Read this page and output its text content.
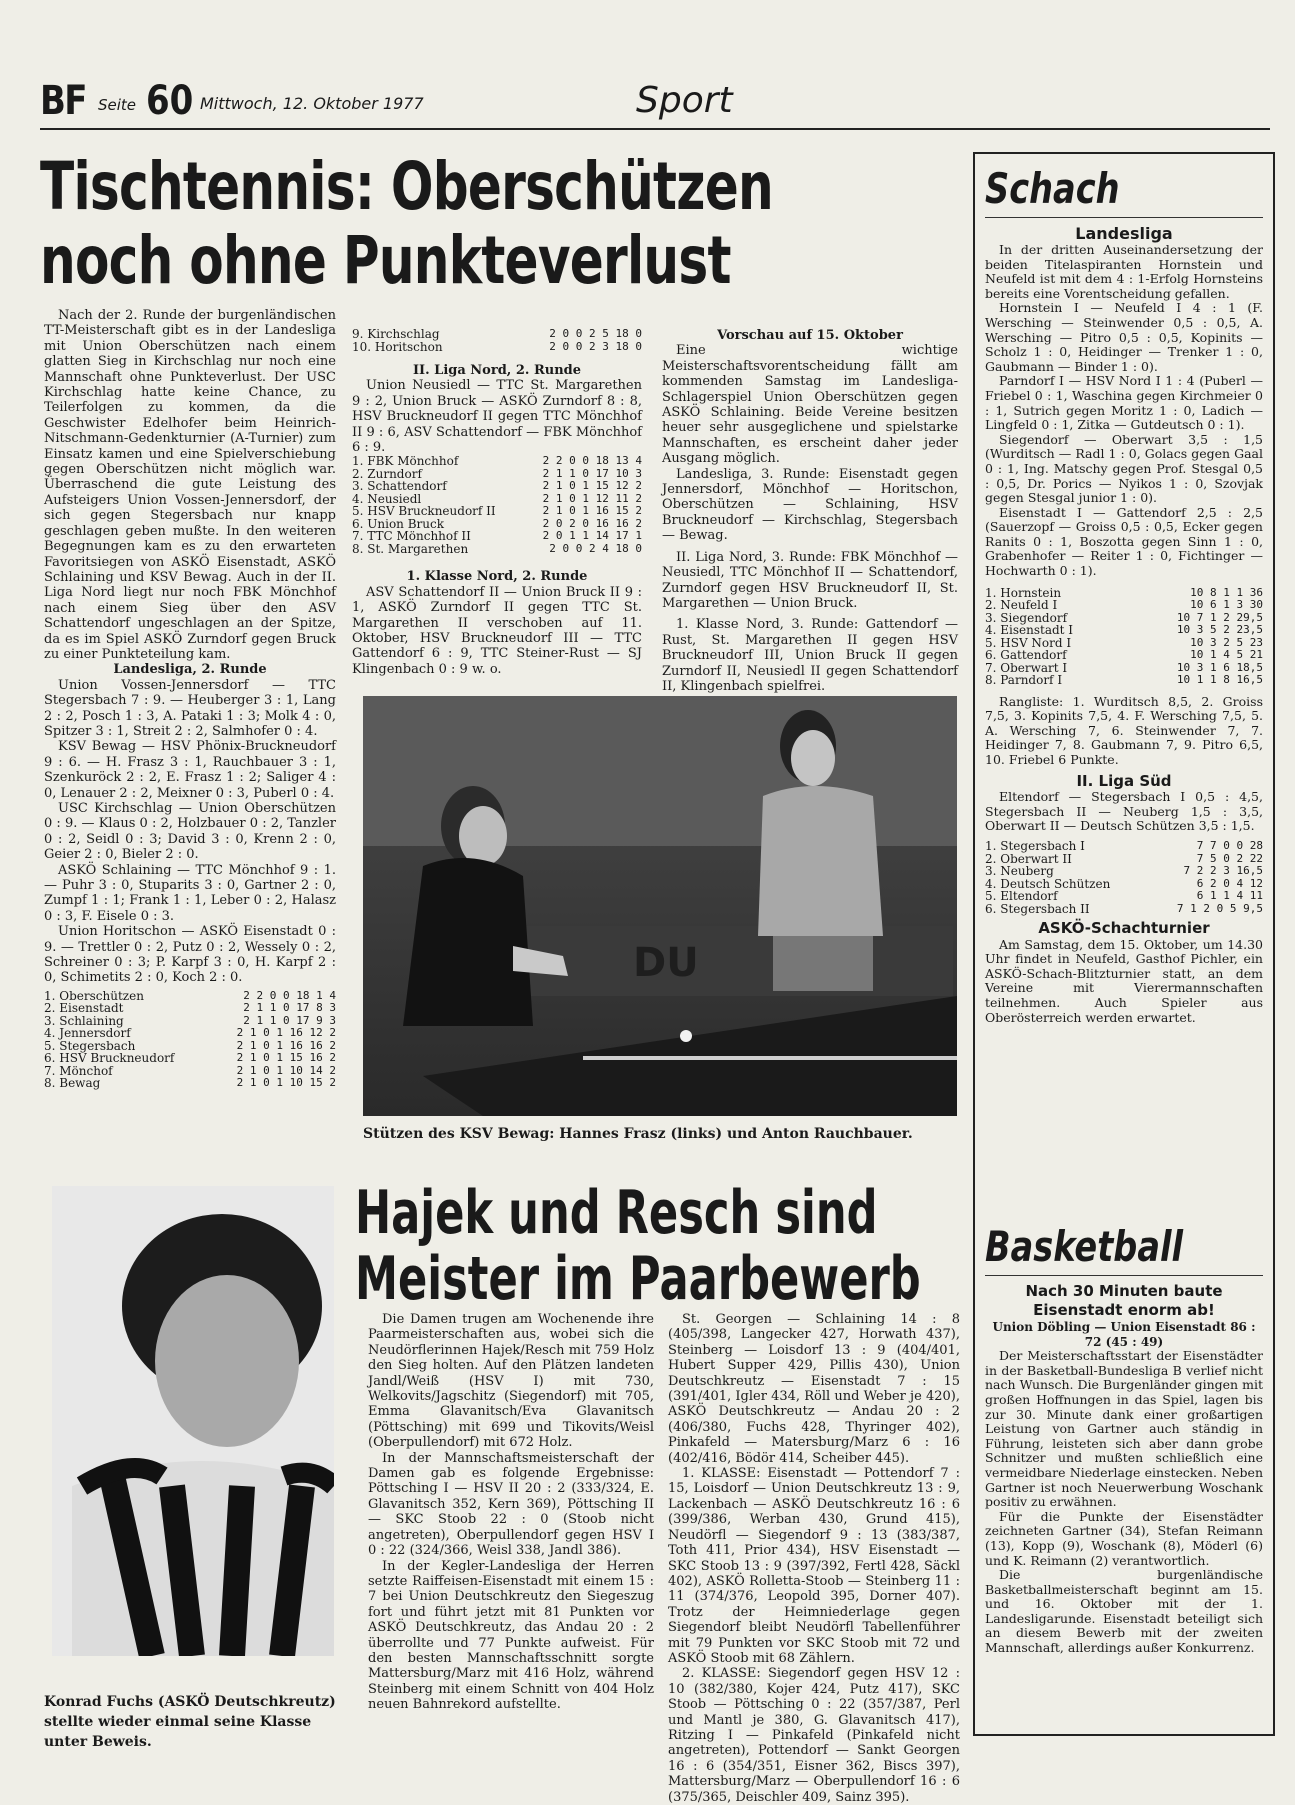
BF Seite 60 Mittwoch, 12. Oktober 1977	Sport
Tischtennis: Oberschützen
noch ohne Punkteverlust

Nach der 2. Runde der burgenländischen TT-Meisterschaft gibt es in der Landesliga mit Union Oberschützen nach einem glatten Sieg in Kirchschlag nur noch eine Mannschaft ohne Punkteverlust. Der USC Kirchschlag hatte keine Chance, zu Teilerfolgen zu kommen, da die Geschwister Edelhofer beim Heinrich-Nitschmann-Gedenkturnier (A-Turnier) zum Einsatz kamen und eine Spielverschiebung gegen Oberschützen nicht möglich war. Überraschend die gute Leistung des Aufsteigers Union Vossen-Jennersdorf, der sich gegen Stegersbach nur knapp geschlagen geben mußte. In den weiteren Begegnungen kam es zu den erwarteten Favoritsiegen von ASKÖ Eisenstadt, ASKÖ Schlaining und KSV Bewag. Auch in der II. Liga Nord liegt nur noch FBK Mönchhof nach einem Sieg über den ASV Schattendorf ungeschlagen an der Spitze, da es im Spiel ASKÖ Zurndorf gegen Bruck zu einer Punkteteilung kam.

Landesliga, 2. Runde

Union Vossen-Jennersdorf — TTC Stegersbach 7 : 9. — Heuberger 3 : 1, Lang 2 : 2, Posch 1 : 3, A. Pataki 1 : 3; Molk 4 : 0, Spitzer 3 : 1, Streit 2 : 2, Salmhofer 0 : 4.

KSV Bewag — HSV Phönix-Bruckneudorf 9 : 6. — H. Frasz 3 : 1, Rauchbauer 3 : 1, Szenkuröck 2 : 2, E. Frasz 1 : 2; Saliger 4 : 0, Lenauer 2 : 2, Meixner 0 : 3, Puberl 0 : 4.

USC Kirchschlag — Union Oberschützen 0 : 9. — Klaus 0 : 2, Holzbauer 0 : 2, Tanzler 0 : 2, Seidl 0 : 3; David 3 : 0, Krenn 2 : 0, Geier 2 : 0, Bieler 2 : 0.

ASKÖ Schlaining — TTC Mönchhof 9 : 1. — Puhr 3 : 0, Stuparits 3 : 0, Gartner 2 : 0, Zumpf 1 : 1; Frank 1 : 1, Leber 0 : 2, Halasz 0 : 3, F. Eisele 0 : 3.

Union Horitschon — ASKÖ Eisenstadt 0 : 9. — Trettler 0 : 2, Putz 0 : 2, Wessely 0 : 2, Schreiner 0 : 3; P. Karpf 3 : 0, H. Karpf 2 : 0, Schimetits 2 : 0, Koch 2 : 0.

1. Oberschützen	2 2 0 0 18 1 4
2. Eisenstadt	2 1 1 0 17 8 3
3. Schlaining	2 1 1 0 17 9 3
4. Jennersdorf	2 1 0 1 16 12 2
5. Stegersbach	2 1 0 1 16 16 2
6. HSV Bruckneudorf	2 1 0 1 15 16 2
7. Mönchof	2 1 0 1 10 14 2
8. Bewag	2 1 0 1 10 15 2
9. Kirchschlag	2 0 0 2 5 18 0
10. Horitschon	2 0 0 2 3 18 0

II. Liga Nord, 2. Runde

Union Neusiedl — TTC St. Margarethen 9 : 2, Union Bruck — ASKÖ Zurndorf 8 : 8, HSV Bruckneudorf II gegen TTC Mönchhof II 9 : 6, ASV Schattendorf — FBK Mönchhof 6 : 9.

1. FBK Mönchhof	2 2 0 0 18 13 4
2. Zurndorf	2 1 1 0 17 10 3
3. Schattendorf	2 1 0 1 15 12 2
4. Neusiedl	2 1 0 1 12 11 2
5. HSV Bruckneudorf II	2 1 0 1 16 15 2
6. Union Bruck	2 0 2 0 16 16 2
7. TTC Mönchhof II	2 0 1 1 14 17 1
8. St. Margarethen	2 0 0 2 4 18 0

1. Klasse Nord, 2. Runde

ASV Schattendorf II — Union Bruck II 9 : 1, ASKÖ Zurndorf II gegen TTC St. Margarethen II verschoben auf 11. Oktober, HSV Bruckneudorf III — TTC Gattendorf 6 : 9, TTC Steiner-Rust — SJ Klingenbach 0 : 9 w. o.

Vorschau auf 15. Oktober

Eine wichtige Meisterschaftsvorentscheidung fällt am kommenden Samstag im Landesliga-Schlagerspiel Union Oberschützen gegen ASKÖ Schlaining. Beide Vereine besitzen heuer sehr ausgeglichene und spielstarke Mannschaften, es erscheint daher jeder Ausgang möglich.

Landesliga, 3. Runde: Eisenstadt gegen Jennersdorf, Mönchhof — Horitschon, Oberschützen — Schlaining, HSV Bruckneudorf — Kirchschlag, Stegersbach — Bewag.

II. Liga Nord, 3. Runde: FBK Mönchhof — Neusiedl, TTC Mönchhof II — Schattendorf, Zurndorf gegen HSV Bruckneudorf II, St. Margarethen — Union Bruck.

1. Klasse Nord, 3. Runde: Gattendorf — Rust, St. Margarethen II gegen HSV Bruckneudorf III, Union Bruck II gegen Zurndorf II, Neusiedl II gegen Schattendorf II, Klingenbach spielfrei.

DU
Stützen des KSV Bewag: Hannes Frasz (links) und Anton Rauchbauer.
Konrad Fuchs (ASKÖ Deutschkreutz) stellte wieder einmal seine Klasse unter Beweis.
Hajek und Resch sind
Meister im Paarbewerb

Die Damen trugen am Wochenende ihre Paarmeisterschaften aus, wobei sich die Neudörflerinnen Hajek/Resch mit 759 Holz den Sieg holten. Auf den Plätzen landeten Jandl/Weiß (HSV I) mit 730, Welkovits/Jagschitz (Siegendorf) mit 705, Emma Glavanitsch/Eva Glavanitsch (Pöttsching) mit 699 und Tikovits/Weisl (Oberpullendorf) mit 672 Holz.

In der Mannschaftsmeisterschaft der Damen gab es folgende Ergebnisse: Pöttsching I — HSV II 20 : 2 (333/324, E. Glavanitsch 352, Kern 369), Pöttsching II — SKC Stoob 22 : 0 (Stoob nicht angetreten), Oberpullendorf gegen HSV I 0 : 22 (324/366, Weisl 338, Jandl 386).

In der Kegler-Landesliga der Herren setzte Raiffeisen-Eisenstadt mit einem 15 : 7 bei Union Deutschkreutz den Siegeszug fort und führt jetzt mit 81 Punkten vor ASKÖ Deutschkreutz, das Andau 20 : 2 überrollte und 77 Punkte aufweist. Für den besten Mannschaftsschnitt sorgte Mattersburg/Marz mit 416 Holz, während Steinberg mit einem Schnitt von 404 Holz neuen Bahnrekord aufstellte.

St. Georgen — Schlaining 14 : 8 (405/398, Langecker 427, Horwath 437), Steinberg — Loisdorf 13 : 9 (404/401, Hubert Supper 429, Pillis 430), Union Deutschkreutz — Eisenstadt 7 : 15 (391/401, Igler 434, Röll und Weber je 420), ASKÖ Deutschkreutz — Andau 20 : 2 (406/380, Fuchs 428, Thyringer 402), Pinkafeld — Matersburg/Marz 6 : 16 (402/416, Bödör 414, Scheiber 445).

1. KLASSE: Eisenstadt — Pottendorf 7 : 15, Loisdorf — Union Deutschkreutz 13 : 9, Lackenbach — ASKÖ Deutschkreutz 16 : 6 (399/386, Werban 430, Grund 415), Neudörfl — Siegendorf 9 : 13 (383/387, Toth 411, Prior 434), HSV Eisenstadt — SKC Stoob 13 : 9 (397/392, Fertl 428, Säckl 402), ASKÖ Rolletta-Stoob — Steinberg 11 : 11 (374/376, Leopold 395, Dorner 407). Trotz der Heimniederlage gegen Siegendorf bleibt Neudörfl Tabellenführer mit 79 Punkten vor SKC Stoob mit 72 und ASKÖ Stoob mit 68 Zählern.

2. KLASSE: Siegendorf gegen HSV 12 : 10 (382/380, Kojer 424, Putz 417), SKC Stoob — Pöttsching 0 : 22 (357/387, Perl und Mantl je 380, G. Glavanitsch 417), Ritzing I — Pinkafeld (Pinkafeld nicht angetreten), Pottendorf — Sankt Georgen 16 : 6 (354/351, Eisner 362, Biscs 397), Mattersburg/Marz — Oberpullendorf 16 : 6 (375/365, Deischler 409, Sainz 395).

Schach
Landesliga

In der dritten Auseinandersetzung der beiden Titelaspiranten Hornstein und Neufeld ist mit dem 4 : 1-Erfolg Hornsteins bereits eine Vorentscheidung gefallen.

Hornstein I — Neufeld I 4 : 1 (F. Wersching — Steinwender 0,5 : 0,5, A. Wersching — Pitro 0,5 : 0,5, Kopinits — Scholz 1 : 0, Heidinger — Trenker 1 : 0, Gaubmann — Binder 1 : 0).

Parndorf I — HSV Nord I 1 : 4 (Puberl — Friebel 0 : 1, Waschina gegen Kirchmeier 0 : 1, Sutrich gegen Moritz 1 : 0, Ladich — Lingfeld 0 : 1, Zitka — Gutdeutsch 0 : 1).

Siegendorf — Oberwart 3,5 : 1,5 (Wurditsch — Radl 1 : 0, Golacs gegen Gaal 0 : 1, Ing. Matschy gegen Prof. Stesgal 0,5 : 0,5, Dr. Porics — Nyikos 1 : 0, Szovjak gegen Stesgal junior 1 : 0).

Eisenstadt I — Gattendorf 2,5 : 2,5 (Sauerzopf — Groiss 0,5 : 0,5, Ecker gegen Ranits 0 : 1, Boszotta gegen Sinn 1 : 0, Grabenhofer — Reiter 1 : 0, Fichtinger — Hochwarth 0 : 1).

1. Hornstein	10 8 1 1 36
2. Neufeld I	10 6 1 3 30
3. Siegendorf	10 7 1 2 29,5
4. Eisenstadt I	10 3 5 2 23,5
5. HSV Nord I	10 3 2 5 23
6. Gattendorf	10 1 4 5 21
7. Oberwart I	10 3 1 6 18,5
8. Parndorf I	10 1 1 8 16,5

Rangliste: 1. Wurditsch 8,5, 2. Groiss 7,5, 3. Kopinits 7,5, 4. F. Wersching 7,5, 5. A. Wersching 7, 6. Steinwender 7, 7. Heidinger 7, 8. Gaubmann 7, 9. Pitro 6,5, 10. Friebel 6 Punkte.

II. Liga Süd

Eltendorf — Stegersbach I 0,5 : 4,5, Stegersbach II — Neuberg 1,5 : 3,5, Oberwart II — Deutsch Schützen 3,5 : 1,5.

1. Stegersbach I	7 7 0 0 28
2. Oberwart II	7 5 0 2 22
3. Neuberg	7 2 2 3 16,5
4. Deutsch Schützen	6 2 0 4 12
5. Eltendorf	6 1 1 4 11
6. Stegersbach II	7 1 2 0 5 9,5
ASKÖ-Schachturnier

Am Samstag, dem 15. Oktober, um 14.30 Uhr findet in Neufeld, Gasthof Pichler, ein ASKÖ-Schach-Blitzturnier statt, an dem Vereine mit Vierermannschaften teilnehmen. Auch Spieler aus Oberösterreich werden erwartet.

Basketball
Nach 30 Minuten baute Eisenstadt enorm ab!

Union Döbling — Union Eisenstadt 86 : 72 (45 : 49)

Der Meisterschaftsstart der Eisenstädter in der Basketball-Bundesliga B verlief nicht nach Wunsch. Die Burgenländer gingen mit großen Hoffnungen in das Spiel, lagen bis zur 30. Minute dank einer großartigen Leistung von Gartner auch ständig in Führung, leisteten sich aber dann grobe Schnitzer und mußten schließlich eine vermeidbare Niederlage einstecken. Neben Gartner ist noch Neuerwerbung Woschank positiv zu erwähnen.

Für die Punkte der Eisenstädter zeichneten Gartner (34), Stefan Reimann (13), Kopp (9), Woschank (8), Möderl (6) und K. Reimann (2) verantwortlich.

Die burgenländische Basketballmeisterschaft beginnt am 15. und 16. Oktober mit der 1. Landesligarunde. Eisenstadt beteiligt sich an diesem Bewerb mit der zweiten Mannschaft, allerdings außer Konkurrenz.
